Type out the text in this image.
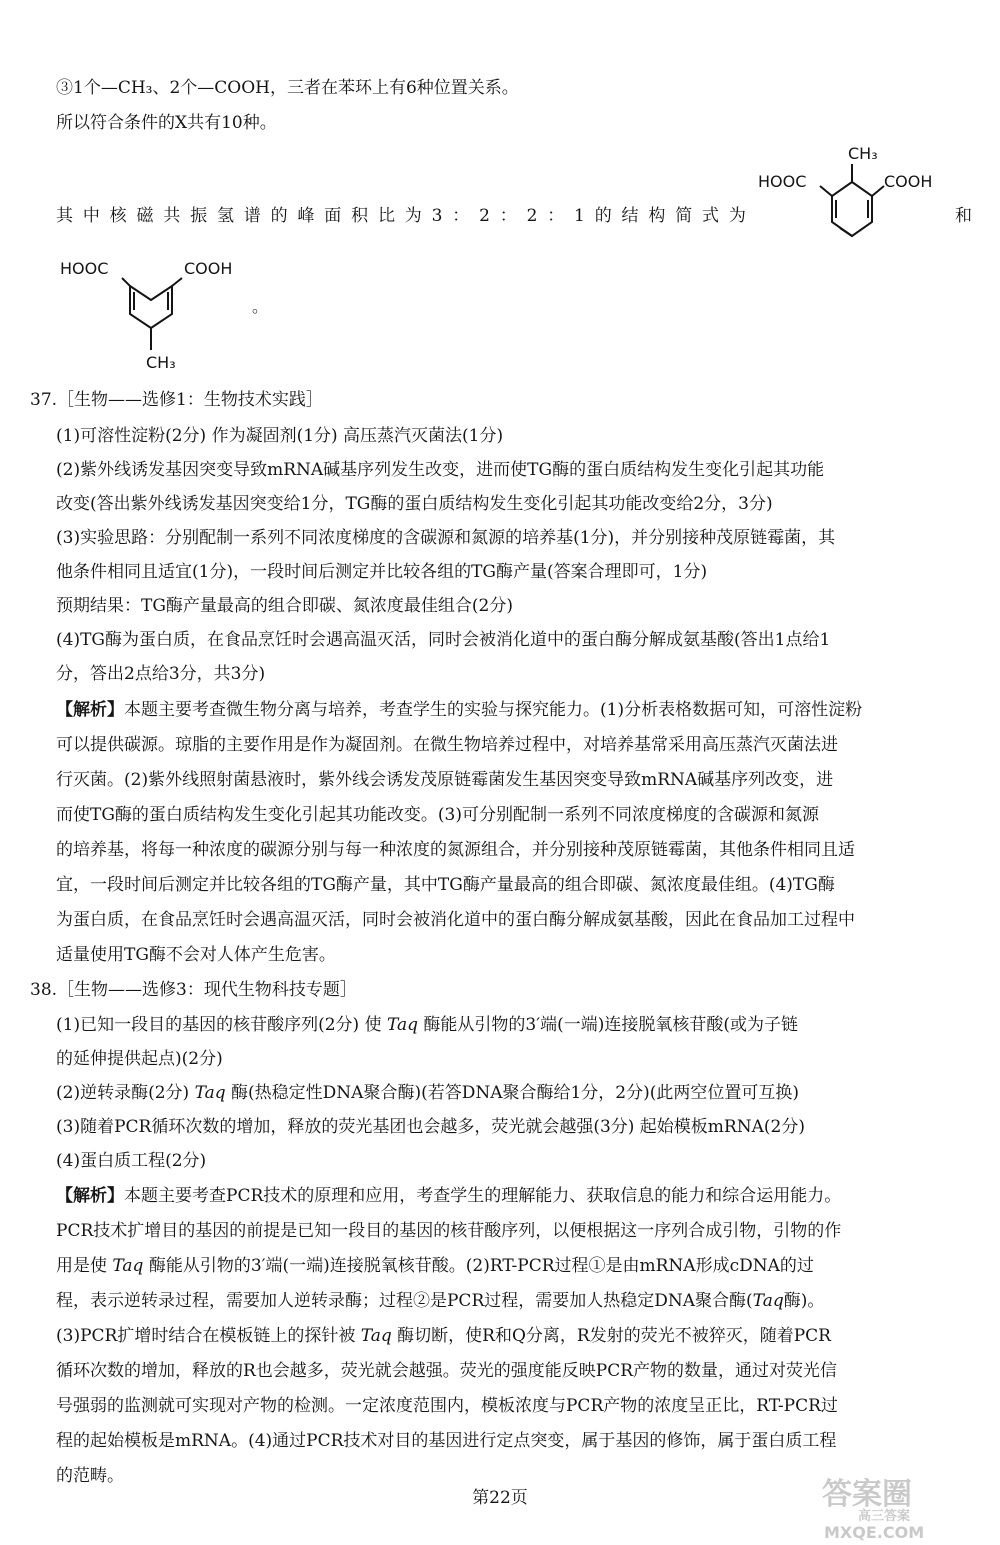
③1个—CH₃、2个—COOH，三者在苯环上有6种位置关系。
所以符合条件的X共有10种。
其 中 核 磁 共 振 氢 谱 的 峰 面 积 比 为 3 ： 2 ： 2 ： 1 的 结 构 简 式 为	和
CH₃
HOOC	COOH
HOOC	COOH
CH₃
。
37.［生物——选修1：生物技术实践］
(1)可溶性淀粉(2分) 作为凝固剂(1分) 高压蒸汽灭菌法(1分)
(2)紫外线诱发基因突变导致mRNA碱基序列发生改变，进而使TG酶的蛋白质结构发生变化引起其功能
改变(答出紫外线诱发基因突变给1分，TG酶的蛋白质结构发生变化引起其功能改变给2分，3分)
(3)实验思路：分别配制一系列不同浓度梯度的含碳源和氮源的培养基(1分)，并分别接种茂原链霉菌，其
他条件相同且适宜(1分)，一段时间后测定并比较各组的TG酶产量(答案合理即可，1分)
预期结果：TG酶产量最高的组合即碳、氮浓度最佳组合(2分)
(4)TG酶为蛋白质，在食品烹饪时会遇高温灭活，同时会被消化道中的蛋白酶分解成氨基酸(答出1点给1
分，答出2点给3分，共3分)
【解析】本题主要考查微生物分离与培养，考查学生的实验与探究能力。(1)分析表格数据可知，可溶性淀粉
可以提供碳源。琼脂的主要作用是作为凝固剂。在微生物培养过程中，对培养基常采用高压蒸汽灭菌法进
行灭菌。(2)紫外线照射菌悬液时，紫外线会诱发茂原链霉菌发生基因突变导致mRNA碱基序列改变，进
而使TG酶的蛋白质结构发生变化引起其功能改变。(3)可分别配制一系列不同浓度梯度的含碳源和氮源
的培养基，将每一种浓度的碳源分别与每一种浓度的氮源组合，并分别接种茂原链霉菌，其他条件相同且适
宜，一段时间后测定并比较各组的TG酶产量，其中TG酶产量最高的组合即碳、氮浓度最佳组。(4)TG酶
为蛋白质，在食品烹饪时会遇高温灭活，同时会被消化道中的蛋白酶分解成氨基酸，因此在食品加工过程中
适量使用TG酶不会对人体产生危害。
38.［生物——选修3：现代生物科技专题］
(1)已知一段目的基因的核苷酸序列(2分) 使 Taq 酶能从引物的3′端(一端)连接脱氧核苷酸(或为子链
的延伸提供起点)(2分)
(2)逆转录酶(2分) Taq 酶(热稳定性DNA聚合酶)(若答DNA聚合酶给1分，2分)(此两空位置可互换)
(3)随着PCR循环次数的增加，释放的荧光基团也会越多，荧光就会越强(3分) 起始模板mRNA(2分)
(4)蛋白质工程(2分)
【解析】本题主要考查PCR技术的原理和应用，考查学生的理解能力、获取信息的能力和综合运用能力。
PCR技术扩增目的基因的前提是已知一段目的基因的核苷酸序列，以便根据这一序列合成引物，引物的作
用是使 Taq 酶能从引物的3′端(一端)连接脱氧核苷酸。(2)RT-PCR过程①是由mRNA形成cDNA的过
程，表示逆转录过程，需要加人逆转录酶；过程②是PCR过程，需要加人热稳定DNA聚合酶(Taq酶)。
(3)PCR扩增时结合在模板链上的探针被 Taq 酶切断，使R和Q分离，R发射的荧光不被猝灭，随着PCR
循环次数的增加，释放的R也会越多，荧光就会越强。荧光的强度能反映PCR产物的数量，通过对荧光信
号强弱的监测就可实现对产物的检测。一定浓度范围内，模板浓度与PCR产物的浓度呈正比，RT-PCR过
程的起始模板是mRNA。(4)通过PCR技术对目的基因进行定点突变，属于基因的修饰，属于蛋白质工程
的范畴。
第22页	答案圈
高三答案
MXQE.COM
